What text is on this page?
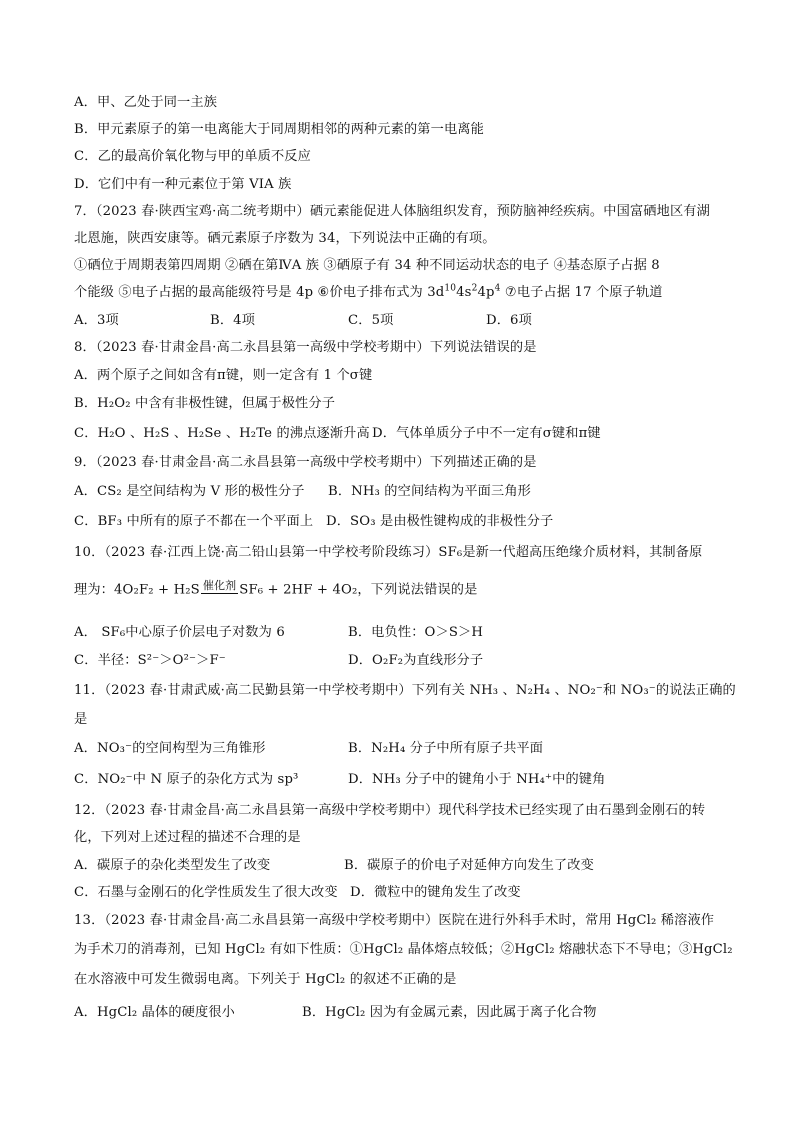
A．甲、乙处于同一主族
B．甲元素原子的第一电离能大于同周期相邻的两种元素的第一电离能
C．乙的最高价氧化物与甲的单质不反应
D．它们中有一种元素位于第 VIA 族
7．（2023 春·陕西宝鸡·高二统考期中）硒元素能促进人体脑组织发育，预防脑神经疾病。中国富硒地区有湖
北恩施，陕西安康等。硒元素原子序数为 34，下列说法中正确的有项。
①硒位于周期表第四周期 ②硒在第ⅣA 族 ③硒原子有 34 种不同运动状态的电子 ④基态原子占据 8
个能级 ⑤电子占据的最高能级符号是 4p ⑥价电子排布式为 $3d^{10}4s^24p^4$ ⑦电子占据 17 个原子轨道
A．3项	B．4项	C．5项	D．6项
8．（2023 春·甘肃金昌·高二永昌县第一高级中学校考期中）下列说法错误的是
A．两个原子之间如含有π键，则一定含有 1 个σ键
B．H₂O₂ 中含有非极性键，但属于极性分子
C．H₂O 、H₂S 、H₂Se 、H₂Te 的沸点逐渐升高 D．气体单质分子中不一定有σ键和π键
9．（2023 春·甘肃金昌·高二永昌县第一高级中学校考期中）下列描述正确的是
A．CS₂ 是空间结构为 V 形的极性分子 B．NH₃ 的空间结构为平面三角形
C．BF₃ 中所有的原子不都在一个平面上 D．SO₃ 是由极性键构成的非极性分子
10．（2023 春·江西上饶·高二铅山县第一中学校考阶段练习）SF₆是新一代超高压绝缘介质材料，其制备原
理为：4O₂F₂ + H₂S 催化剂 SF₆ + 2HF + 4O₂，下列说法错误的是
A． SF₆中心原子价层电子对数为 6	B．电负性：O＞S＞H
C．半径：S²⁻＞O²⁻＞F⁻	D．O₂F₂为直线形分子
11．（2023 春·甘肃武威·高二民勤县第一中学校考期中）下列有关 NH₃ 、N₂H₄ 、NO₂⁻和 NO₃⁻的说法正确的
是
A．NO₃⁻的空间构型为三角锥形	B．N₂H₄ 分子中所有原子共平面
C．NO₂⁻中 N 原子的杂化方式为 sp³	D．NH₃ 分子中的键角小于 NH₄⁺中的键角
12．（2023 春·甘肃金昌·高二永昌县第一高级中学校考期中）现代科学技术已经实现了由石墨到金刚石的转
化，下列对上述过程的描述不合理的是
A．碳原子的杂化类型发生了改变	B．碳原子的价电子对延伸方向发生了改变
C．石墨与金刚石的化学性质发生了很大改变 D．微粒中的键角发生了改变
13．（2023 春·甘肃金昌·高二永昌县第一高级中学校考期中）医院在进行外科手术时，常用 HgCl₂ 稀溶液作
为手术刀的消毒剂，已知 HgCl₂ 有如下性质：①HgCl₂ 晶体熔点较低；②HgCl₂ 熔融状态下不导电；③HgCl₂
在水溶液中可发生微弱电离。下列关于 HgCl₂ 的叙述不正确的是
A．HgCl₂ 晶体的硬度很小	B．HgCl₂ 因为有金属元素，因此属于离子化合物
